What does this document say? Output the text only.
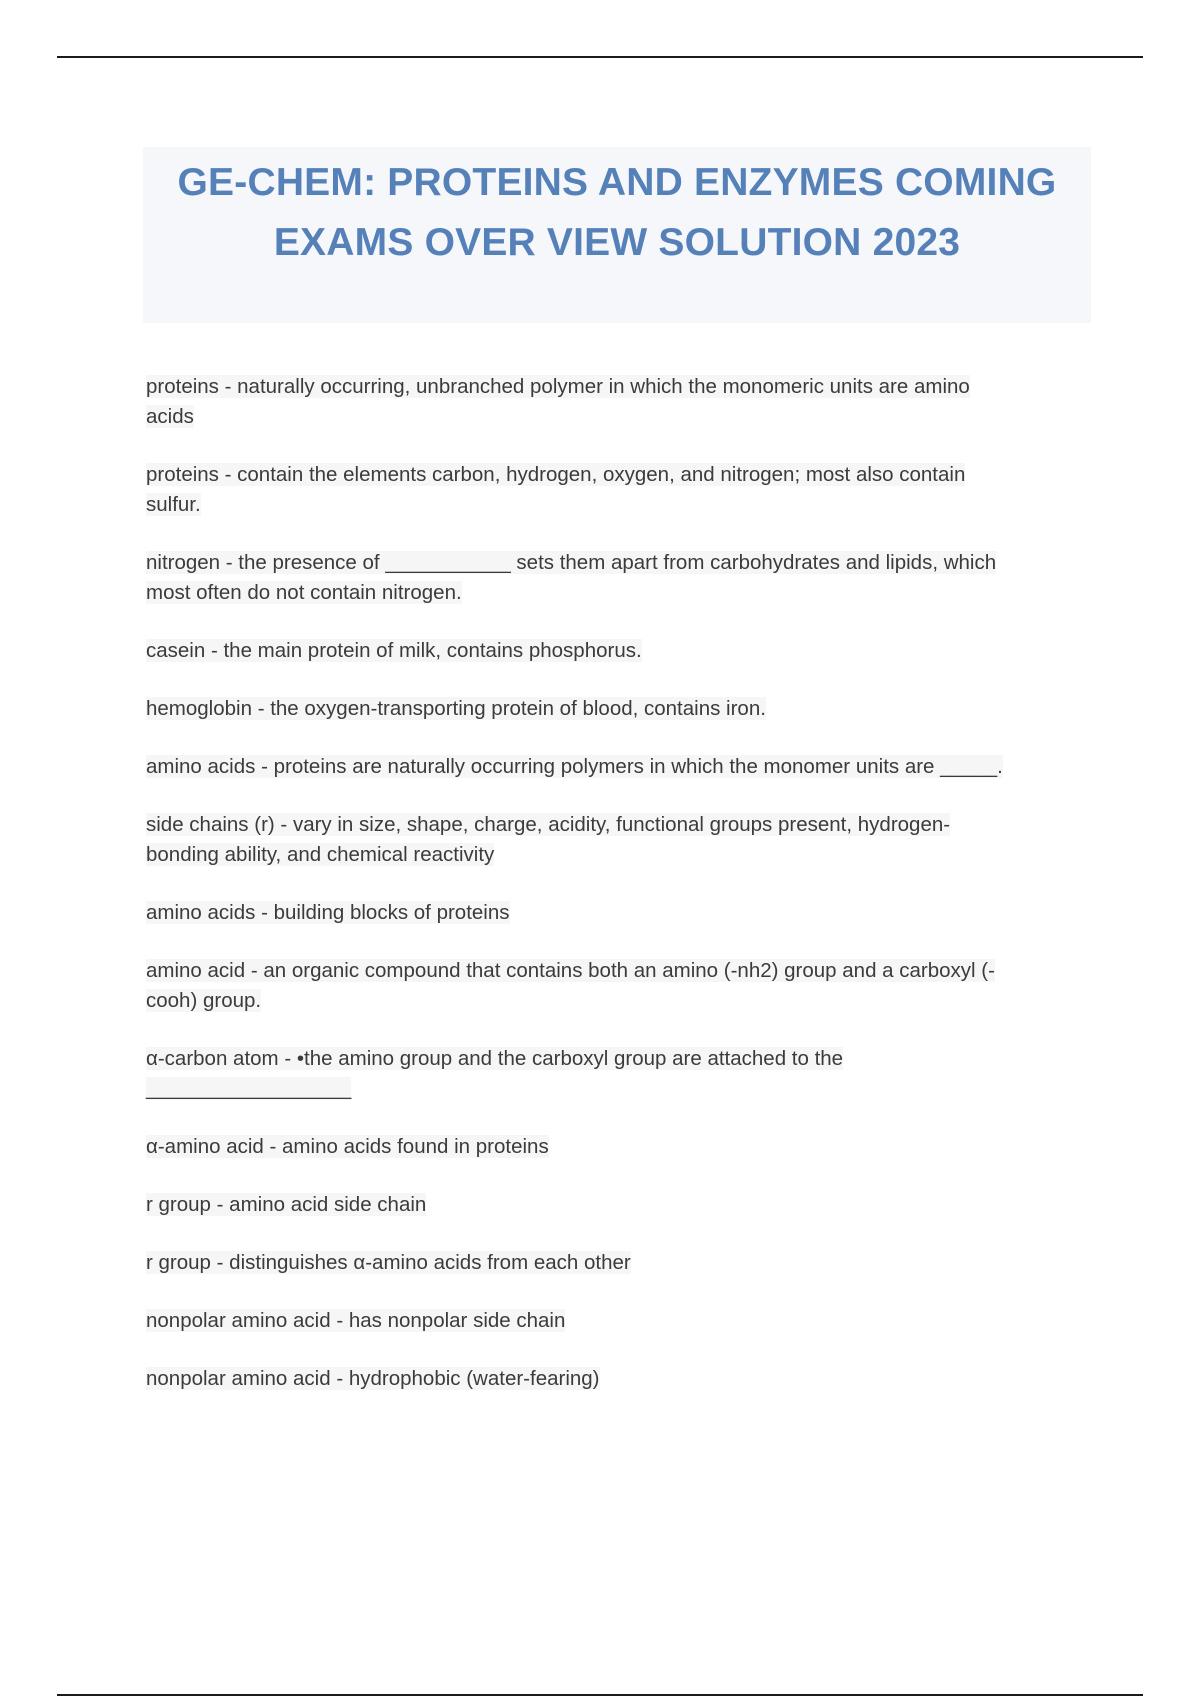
GE-CHEM: PROTEINS AND ENZYMES COMING
EXAMS OVER VIEW SOLUTION 2023
proteins - naturally occurring, unbranched polymer in which the monomeric units are amino
acids
proteins - contain the elements carbon, hydrogen, oxygen, and nitrogen; most also contain
sulfur.
nitrogen - the presence of ___________ sets them apart from carbohydrates and lipids, which
most often do not contain nitrogen.
casein - the main protein of milk, contains phosphorus.
hemoglobin - the oxygen-transporting protein of blood, contains iron.
amino acids - proteins are naturally occurring polymers in which the monomer units are _____.
side chains (r) - vary in size, shape, charge, acidity, functional groups present, hydrogen-
bonding ability, and chemical reactivity
amino acids - building blocks of proteins
amino acid - an organic compound that contains both an amino (-nh2) group and a carboxyl (-
cooh) group.
α-carbon atom - •the amino group and the carboxyl group are attached to the
__________________
α-amino acid - amino acids found in proteins
r group - amino acid side chain
r group - distinguishes α-amino acids from each other
nonpolar amino acid - has nonpolar side chain
nonpolar amino acid - hydrophobic (water-fearing)
